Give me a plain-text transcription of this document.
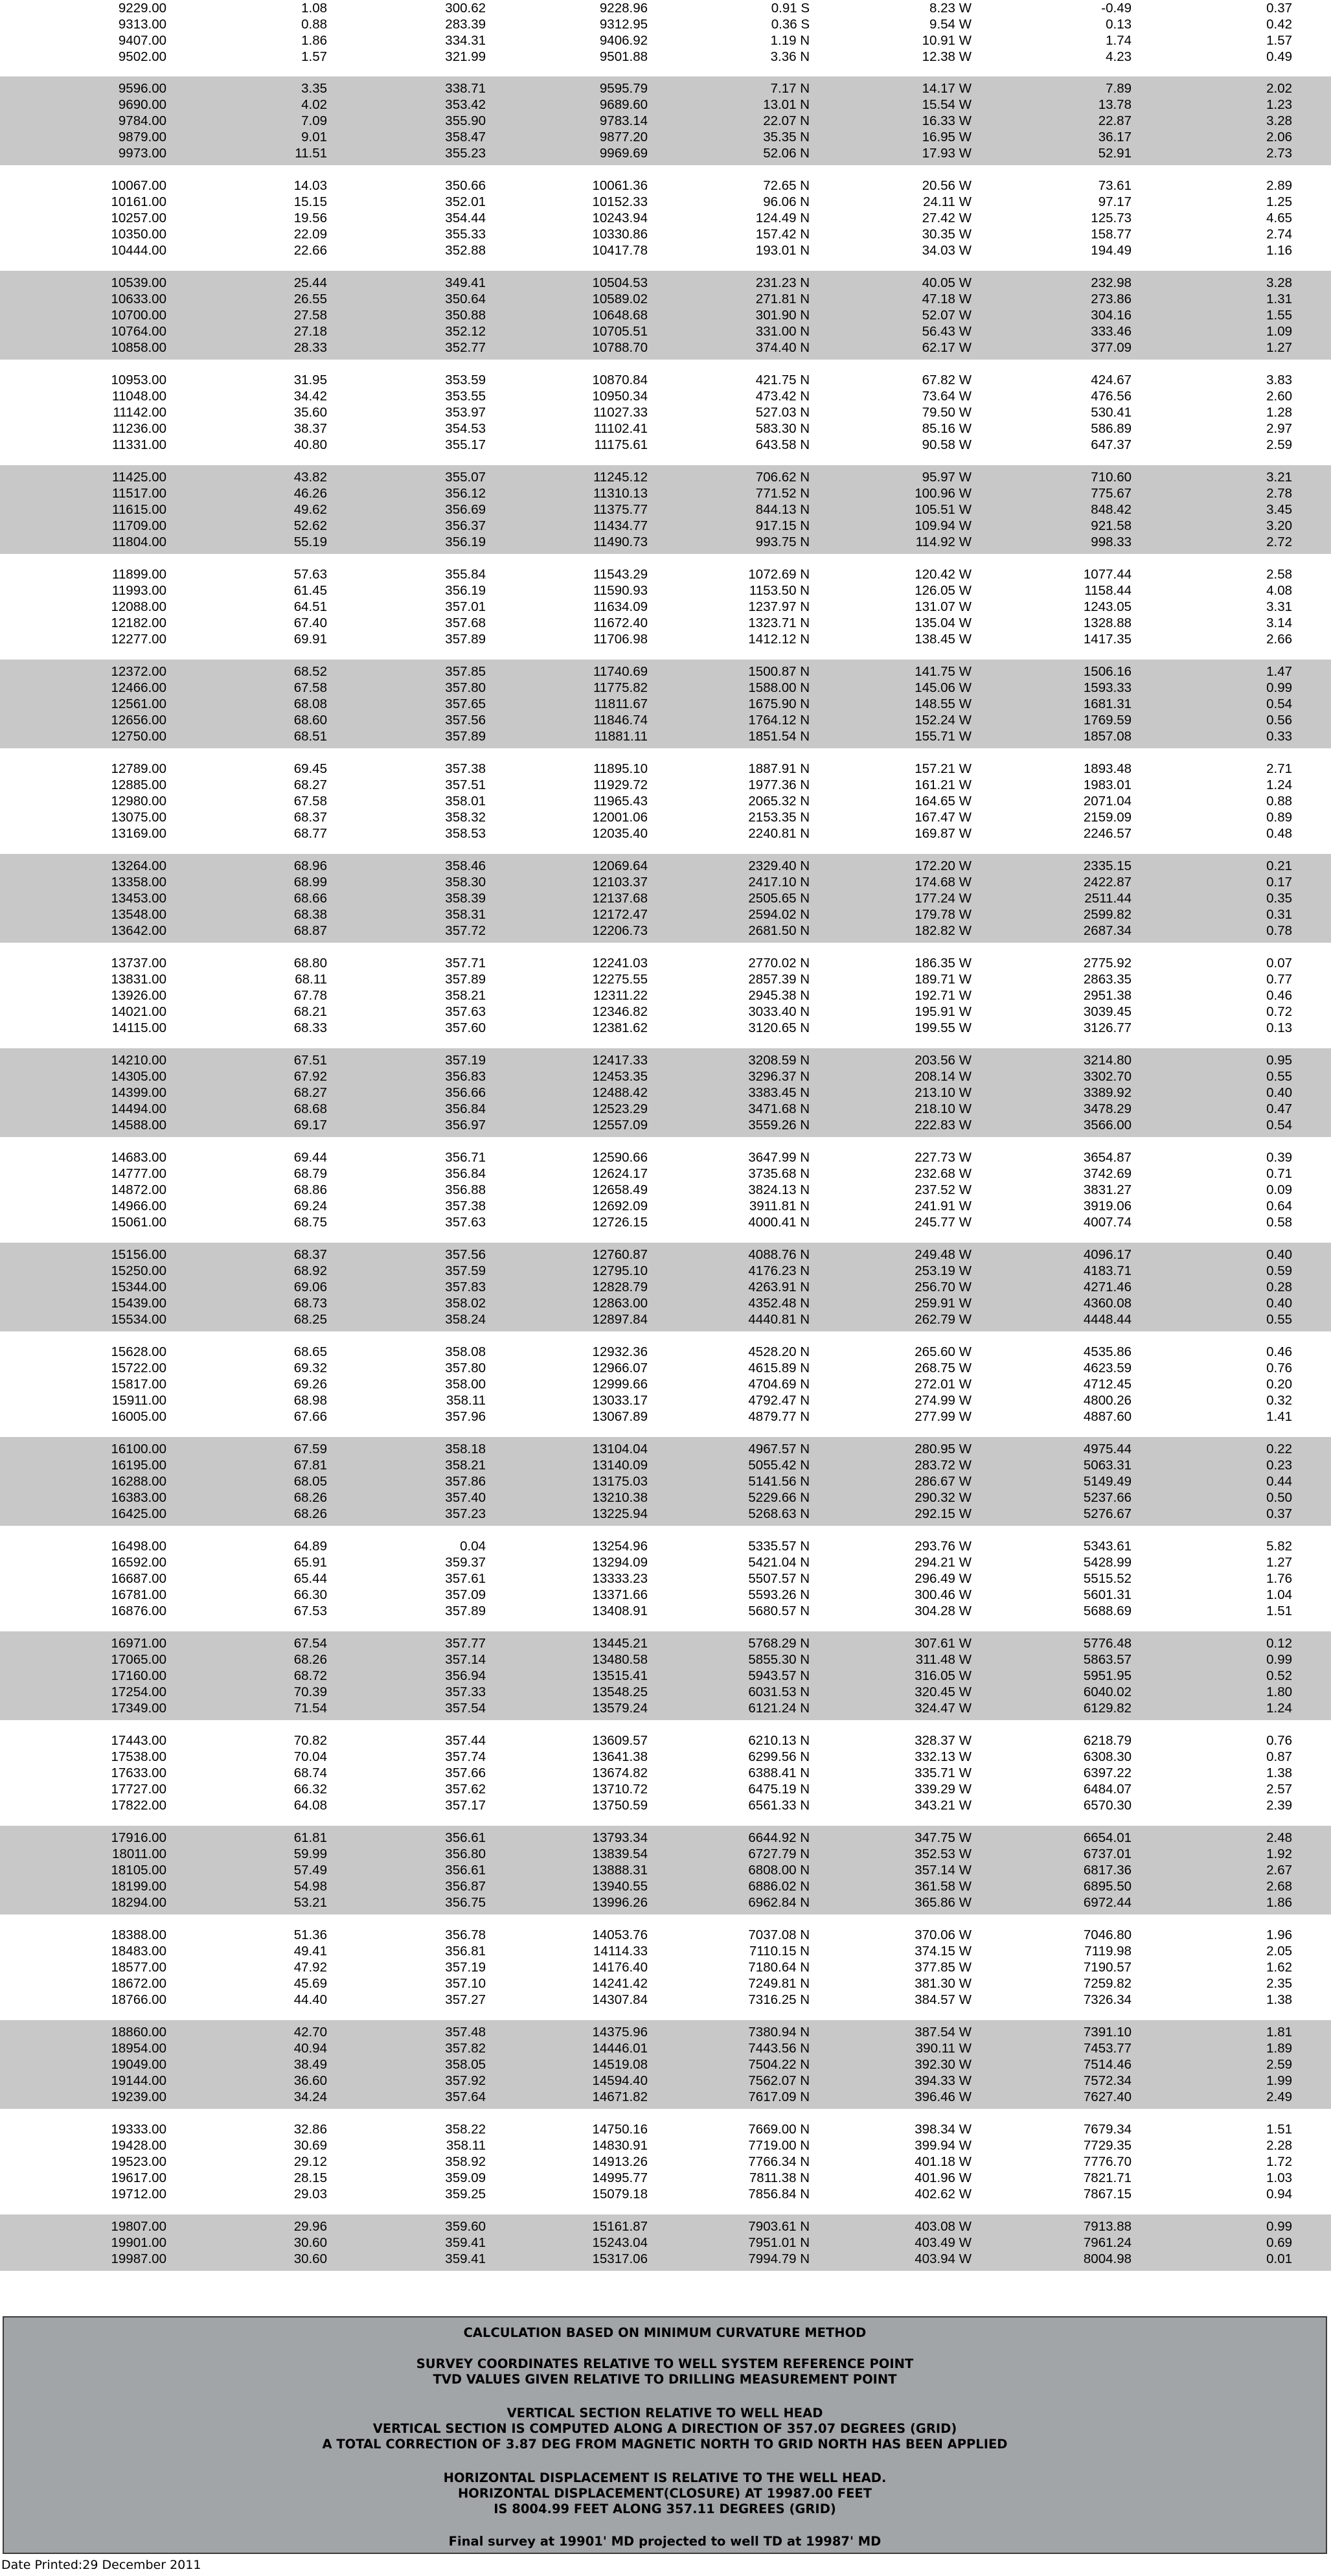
9229.00	1.08	300.62	9228.96	0.91 S	8.23 W	-0.49	0.37
9313.00	0.88	283.39	9312.95	0.36 S	9.54 W	0.13	0.42
9407.00	1.86	334.31	9406.92	1.19 N	10.91 W	1.74	1.57
9502.00	1.57	321.99	9501.88	3.36 N	12.38 W	4.23	0.49
9596.00	3.35	338.71	9595.79	7.17 N	14.17 W	7.89	2.02
9690.00	4.02	353.42	9689.60	13.01 N	15.54 W	13.78	1.23
9784.00	7.09	355.90	9783.14	22.07 N	16.33 W	22.87	3.28
9879.00	9.01	358.47	9877.20	35.35 N	16.95 W	36.17	2.06
9973.00	11.51	355.23	9969.69	52.06 N	17.93 W	52.91	2.73
10067.00	14.03	350.66	10061.36	72.65 N	20.56 W	73.61	2.89
10161.00	15.15	352.01	10152.33	96.06 N	24.11 W	97.17	1.25
10257.00	19.56	354.44	10243.94	124.49 N	27.42 W	125.73	4.65
10350.00	22.09	355.33	10330.86	157.42 N	30.35 W	158.77	2.74
10444.00	22.66	352.88	10417.78	193.01 N	34.03 W	194.49	1.16
10539.00	25.44	349.41	10504.53	231.23 N	40.05 W	232.98	3.28
10633.00	26.55	350.64	10589.02	271.81 N	47.18 W	273.86	1.31
10700.00	27.58	350.88	10648.68	301.90 N	52.07 W	304.16	1.55
10764.00	27.18	352.12	10705.51	331.00 N	56.43 W	333.46	1.09
10858.00	28.33	352.77	10788.70	374.40 N	62.17 W	377.09	1.27
10953.00	31.95	353.59	10870.84	421.75 N	67.82 W	424.67	3.83
11048.00	34.42	353.55	10950.34	473.42 N	73.64 W	476.56	2.60
11142.00	35.60	353.97	11027.33	527.03 N	79.50 W	530.41	1.28
11236.00	38.37	354.53	11102.41	583.30 N	85.16 W	586.89	2.97
11331.00	40.80	355.17	11175.61	643.58 N	90.58 W	647.37	2.59
11425.00	43.82	355.07	11245.12	706.62 N	95.97 W	710.60	3.21
11517.00	46.26	356.12	11310.13	771.52 N	100.96 W	775.67	2.78
11615.00	49.62	356.69	11375.77	844.13 N	105.51 W	848.42	3.45
11709.00	52.62	356.37	11434.77	917.15 N	109.94 W	921.58	3.20
11804.00	55.19	356.19	11490.73	993.75 N	114.92 W	998.33	2.72
11899.00	57.63	355.84	11543.29	1072.69 N	120.42 W	1077.44	2.58
11993.00	61.45	356.19	11590.93	1153.50 N	126.05 W	1158.44	4.08
12088.00	64.51	357.01	11634.09	1237.97 N	131.07 W	1243.05	3.31
12182.00	67.40	357.68	11672.40	1323.71 N	135.04 W	1328.88	3.14
12277.00	69.91	357.89	11706.98	1412.12 N	138.45 W	1417.35	2.66
12372.00	68.52	357.85	11740.69	1500.87 N	141.75 W	1506.16	1.47
12466.00	67.58	357.80	11775.82	1588.00 N	145.06 W	1593.33	0.99
12561.00	68.08	357.65	11811.67	1675.90 N	148.55 W	1681.31	0.54
12656.00	68.60	357.56	11846.74	1764.12 N	152.24 W	1769.59	0.56
12750.00	68.51	357.89	11881.11	1851.54 N	155.71 W	1857.08	0.33
12789.00	69.45	357.38	11895.10	1887.91 N	157.21 W	1893.48	2.71
12885.00	68.27	357.51	11929.72	1977.36 N	161.21 W	1983.01	1.24
12980.00	67.58	358.01	11965.43	2065.32 N	164.65 W	2071.04	0.88
13075.00	68.37	358.32	12001.06	2153.35 N	167.47 W	2159.09	0.89
13169.00	68.77	358.53	12035.40	2240.81 N	169.87 W	2246.57	0.48
13264.00	68.96	358.46	12069.64	2329.40 N	172.20 W	2335.15	0.21
13358.00	68.99	358.30	12103.37	2417.10 N	174.68 W	2422.87	0.17
13453.00	68.66	358.39	12137.68	2505.65 N	177.24 W	2511.44	0.35
13548.00	68.38	358.31	12172.47	2594.02 N	179.78 W	2599.82	0.31
13642.00	68.87	357.72	12206.73	2681.50 N	182.82 W	2687.34	0.78
13737.00	68.80	357.71	12241.03	2770.02 N	186.35 W	2775.92	0.07
13831.00	68.11	357.89	12275.55	2857.39 N	189.71 W	2863.35	0.77
13926.00	67.78	358.21	12311.22	2945.38 N	192.71 W	2951.38	0.46
14021.00	68.21	357.63	12346.82	3033.40 N	195.91 W	3039.45	0.72
14115.00	68.33	357.60	12381.62	3120.65 N	199.55 W	3126.77	0.13
14210.00	67.51	357.19	12417.33	3208.59 N	203.56 W	3214.80	0.95
14305.00	67.92	356.83	12453.35	3296.37 N	208.14 W	3302.70	0.55
14399.00	68.27	356.66	12488.42	3383.45 N	213.10 W	3389.92	0.40
14494.00	68.68	356.84	12523.29	3471.68 N	218.10 W	3478.29	0.47
14588.00	69.17	356.97	12557.09	3559.26 N	222.83 W	3566.00	0.54
14683.00	69.44	356.71	12590.66	3647.99 N	227.73 W	3654.87	0.39
14777.00	68.79	356.84	12624.17	3735.68 N	232.68 W	3742.69	0.71
14872.00	68.86	356.88	12658.49	3824.13 N	237.52 W	3831.27	0.09
14966.00	69.24	357.38	12692.09	3911.81 N	241.91 W	3919.06	0.64
15061.00	68.75	357.63	12726.15	4000.41 N	245.77 W	4007.74	0.58
15156.00	68.37	357.56	12760.87	4088.76 N	249.48 W	4096.17	0.40
15250.00	68.92	357.59	12795.10	4176.23 N	253.19 W	4183.71	0.59
15344.00	69.06	357.83	12828.79	4263.91 N	256.70 W	4271.46	0.28
15439.00	68.73	358.02	12863.00	4352.48 N	259.91 W	4360.08	0.40
15534.00	68.25	358.24	12897.84	4440.81 N	262.79 W	4448.44	0.55
15628.00	68.65	358.08	12932.36	4528.20 N	265.60 W	4535.86	0.46
15722.00	69.32	357.80	12966.07	4615.89 N	268.75 W	4623.59	0.76
15817.00	69.26	358.00	12999.66	4704.69 N	272.01 W	4712.45	0.20
15911.00	68.98	358.11	13033.17	4792.47 N	274.99 W	4800.26	0.32
16005.00	67.66	357.96	13067.89	4879.77 N	277.99 W	4887.60	1.41
16100.00	67.59	358.18	13104.04	4967.57 N	280.95 W	4975.44	0.22
16195.00	67.81	358.21	13140.09	5055.42 N	283.72 W	5063.31	0.23
16288.00	68.05	357.86	13175.03	5141.56 N	286.67 W	5149.49	0.44
16383.00	68.26	357.40	13210.38	5229.66 N	290.32 W	5237.66	0.50
16425.00	68.26	357.23	13225.94	5268.63 N	292.15 W	5276.67	0.37
16498.00	64.89	0.04	13254.96	5335.57 N	293.76 W	5343.61	5.82
16592.00	65.91	359.37	13294.09	5421.04 N	294.21 W	5428.99	1.27
16687.00	65.44	357.61	13333.23	5507.57 N	296.49 W	5515.52	1.76
16781.00	66.30	357.09	13371.66	5593.26 N	300.46 W	5601.31	1.04
16876.00	67.53	357.89	13408.91	5680.57 N	304.28 W	5688.69	1.51
16971.00	67.54	357.77	13445.21	5768.29 N	307.61 W	5776.48	0.12
17065.00	68.26	357.14	13480.58	5855.30 N	311.48 W	5863.57	0.99
17160.00	68.72	356.94	13515.41	5943.57 N	316.05 W	5951.95	0.52
17254.00	70.39	357.33	13548.25	6031.53 N	320.45 W	6040.02	1.80
17349.00	71.54	357.54	13579.24	6121.24 N	324.47 W	6129.82	1.24
17443.00	70.82	357.44	13609.57	6210.13 N	328.37 W	6218.79	0.76
17538.00	70.04	357.74	13641.38	6299.56 N	332.13 W	6308.30	0.87
17633.00	68.74	357.66	13674.82	6388.41 N	335.71 W	6397.22	1.38
17727.00	66.32	357.62	13710.72	6475.19 N	339.29 W	6484.07	2.57
17822.00	64.08	357.17	13750.59	6561.33 N	343.21 W	6570.30	2.39
17916.00	61.81	356.61	13793.34	6644.92 N	347.75 W	6654.01	2.48
18011.00	59.99	356.80	13839.54	6727.79 N	352.53 W	6737.01	1.92
18105.00	57.49	356.61	13888.31	6808.00 N	357.14 W	6817.36	2.67
18199.00	54.98	356.87	13940.55	6886.02 N	361.58 W	6895.50	2.68
18294.00	53.21	356.75	13996.26	6962.84 N	365.86 W	6972.44	1.86
18388.00	51.36	356.78	14053.76	7037.08 N	370.06 W	7046.80	1.96
18483.00	49.41	356.81	14114.33	7110.15 N	374.15 W	7119.98	2.05
18577.00	47.92	357.19	14176.40	7180.64 N	377.85 W	7190.57	1.62
18672.00	45.69	357.10	14241.42	7249.81 N	381.30 W	7259.82	2.35
18766.00	44.40	357.27	14307.84	7316.25 N	384.57 W	7326.34	1.38
18860.00	42.70	357.48	14375.96	7380.94 N	387.54 W	7391.10	1.81
18954.00	40.94	357.82	14446.01	7443.56 N	390.11 W	7453.77	1.89
19049.00	38.49	358.05	14519.08	7504.22 N	392.30 W	7514.46	2.59
19144.00	36.60	357.92	14594.40	7562.07 N	394.33 W	7572.34	1.99
19239.00	34.24	357.64	14671.82	7617.09 N	396.46 W	7627.40	2.49
19333.00	32.86	358.22	14750.16	7669.00 N	398.34 W	7679.34	1.51
19428.00	30.69	358.11	14830.91	7719.00 N	399.94 W	7729.35	2.28
19523.00	29.12	358.92	14913.26	7766.34 N	401.18 W	7776.70	1.72
19617.00	28.15	359.09	14995.77	7811.38 N	401.96 W	7821.71	1.03
19712.00	29.03	359.25	15079.18	7856.84 N	402.62 W	7867.15	0.94
19807.00	29.96	359.60	15161.87	7903.61 N	403.08 W	7913.88	0.99
19901.00	30.60	359.41	15243.04	7951.01 N	403.49 W	7961.24	0.69
19987.00	30.60	359.41	15317.06	7994.79 N	403.94 W	8004.98	0.01
CALCULATION BASED ON MINIMUM CURVATURE METHOD
SURVEY COORDINATES RELATIVE TO WELL SYSTEM REFERENCE POINT
TVD VALUES GIVEN RELATIVE TO DRILLING MEASUREMENT POINT
VERTICAL SECTION RELATIVE TO WELL HEAD
VERTICAL SECTION IS COMPUTED ALONG A DIRECTION OF 357.07 DEGREES (GRID)
A TOTAL CORRECTION OF 3.87 DEG FROM MAGNETIC NORTH TO GRID NORTH HAS BEEN APPLIED
HORIZONTAL DISPLACEMENT IS RELATIVE TO THE WELL HEAD.
HORIZONTAL DISPLACEMENT(CLOSURE) AT 19987.00 FEET
IS 8004.99 FEET ALONG 357.11 DEGREES (GRID)
Final survey at 19901' MD projected to well TD at 19987' MD
Date Printed:29 December 2011
